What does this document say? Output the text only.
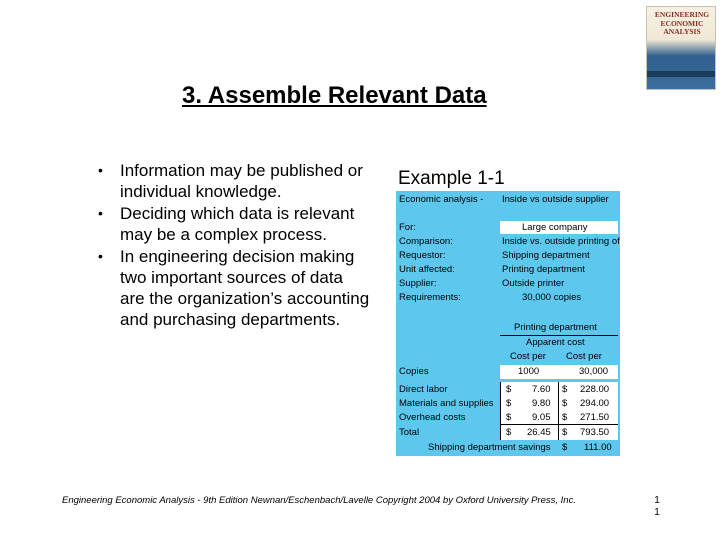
ENGINEERING
ECONOMIC
ANALYSIS
3. Assemble Relevant Data
• Information may be published or individual knowledge.
• Deciding which data is relevant may be a complex process.
• In engineering decision making two important sources of data are the organization’s accounting and purchasing departments.
Example 1-1
Economic analysis - Inside vs outside supplier
For:	Large company
Comparison:	Inside vs. outside printing of
Requestor:	Shipping department
Unit affected:	Printing department
Supplier:	Outside printer
Requirements:	30,000 copies
Printing department
Apparent cost
Cost per Cost per
Copies	1000	30,000
Direct labor	$ 7.60 $ 228.00
Materials and supplies $ 9.80 $ 294.00
Overhead costs	$ 9.05 $ 271.50
Total	$ 26.45 $ 793.50
Shipping department savings $ 111.00
Engineering Economic Analysis - 9th Edition Newnan/Eschenbach/Lavelle Copyright 2004 by Oxford University Press, Inc.	1
1
